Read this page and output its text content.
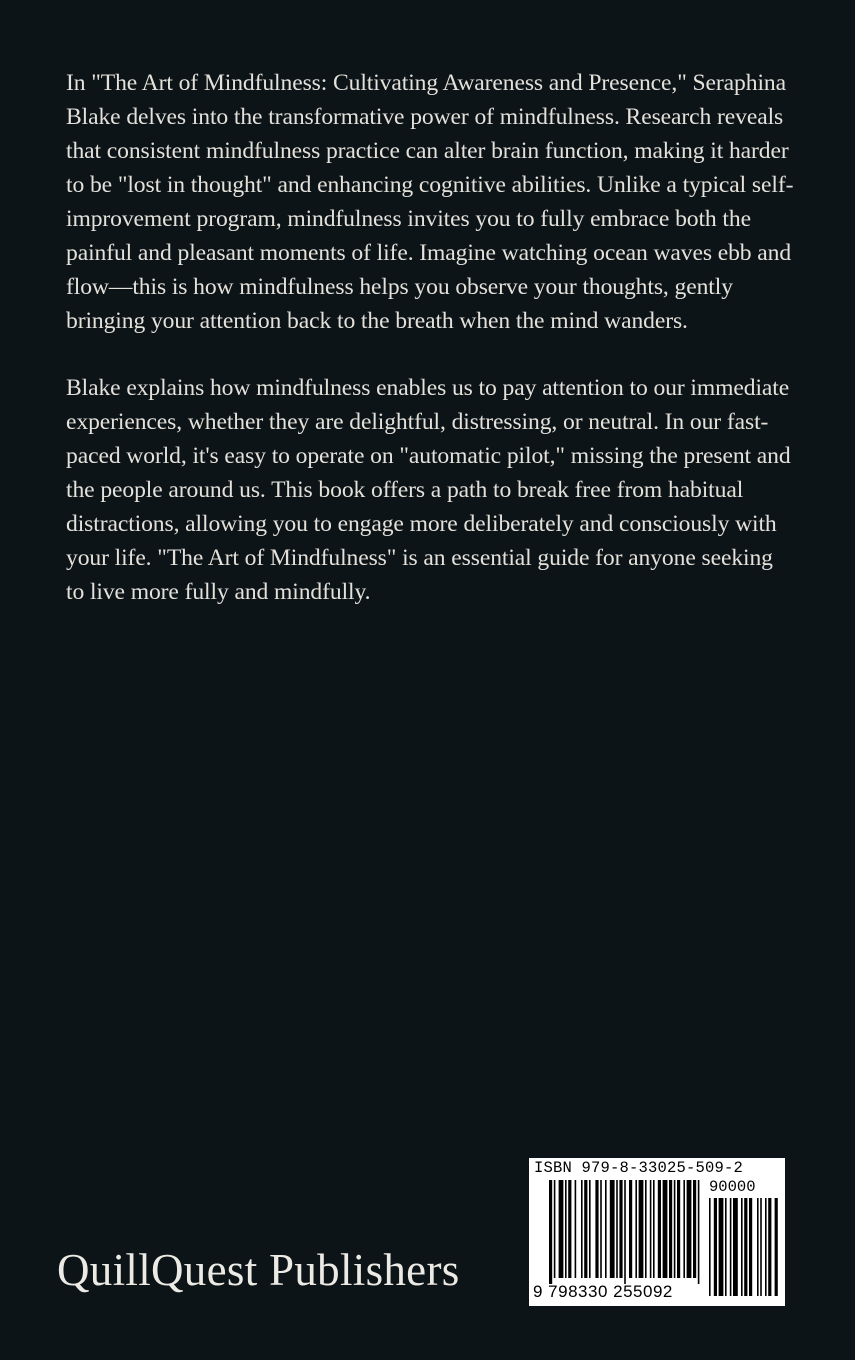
In "The Art of Mindfulness: Cultivating Awareness and Presence," Seraphina Blake delves into the transformative power of mindfulness. Research reveals that consistent mindfulness practice can alter brain function, making it harder to be "lost in thought" and enhancing cognitive abilities. Unlike a typical self-improvement program, mindfulness invites you to fully embrace both the painful and pleasant moments of life. Imagine watching ocean waves ebb and flow—this is how mindfulness helps you observe your thoughts, gently bringing your attention back to the breath when the mind wanders.

Blake explains how mindfulness enables us to pay attention to our immediate experiences, whether they are delightful, distressing, or neutral. In our fast-paced world, it's easy to operate on "automatic pilot," missing the present and the people around us. This book offers a path to break free from habitual distractions, allowing you to engage more deliberately and consciously with your life. "The Art of Mindfulness" is an essential guide for anyone seeking to live more fully and mindfully.

QuillQuest Publishers
ISBN 979-8-33025-509-2
90000
9 798330 255092
